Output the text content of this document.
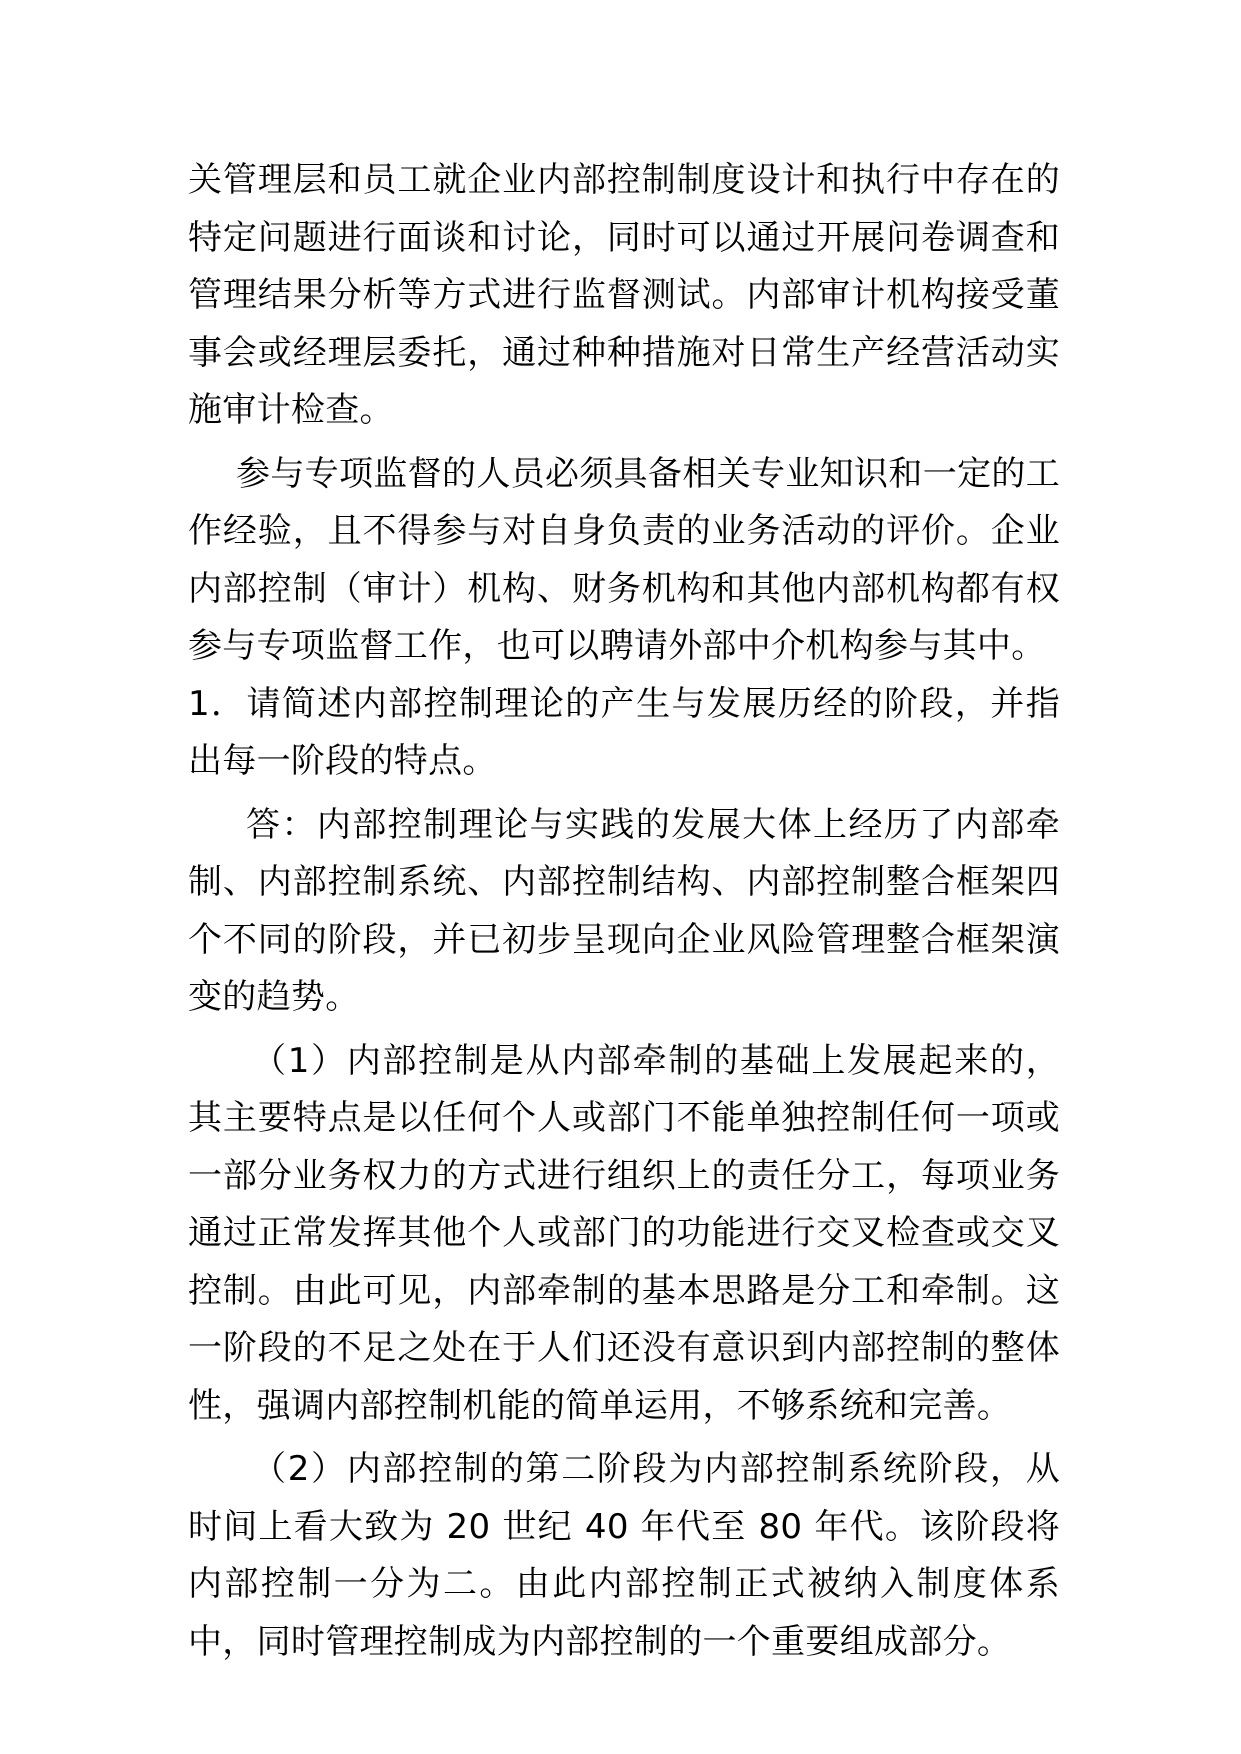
关管理层和员工就企业内部控制制度设计和执行中存在的特定问题进行面谈和讨论，同时可以通过开展问卷调查和管理结果分析等方式进行监督测试。内部审计机构接受董事会或经理层委托，通过种种措施对日常生产经营活动实施审计检查。

参与专项监督的人员必须具备相关专业知识和一定的工作经验，且不得参与对自身负责的业务活动的评价。企业内部控制（审计）机构、财务机构和其他内部机构都有权参与专项监督工作，也可以聘请外部中介机构参与其中。

1．请简述内部控制理论的产生与发展历经的阶段，并指出每一阶段的特点。

答：内部控制理论与实践的发展大体上经历了内部牵制、内部控制系统、内部控制结构、内部控制整合框架四个不同的阶段，并已初步呈现向企业风险管理整合框架演变的趋势。

（1）内部控制是从内部牵制的基础上发展起来的，其主要特点是以任何个人或部门不能单独控制任何一项或一部分业务权力的方式进行组织上的责任分工，每项业务通过正常发挥其他个人或部门的功能进行交叉检查或交叉控制。由此可见，内部牵制的基本思路是分工和牵制。这一阶段的不足之处在于人们还没有意识到内部控制的整体性，强调内部控制机能的简单运用，不够系统和完善。

（2）内部控制的第二阶段为内部控制系统阶段，从时间上看大致为 20 世纪 40 年代至 80 年代。该阶段将内部控制一分为二。由此内部控制正式被纳入制度体系中，同时管理控制成为内部控制的一个重要组成部分。
